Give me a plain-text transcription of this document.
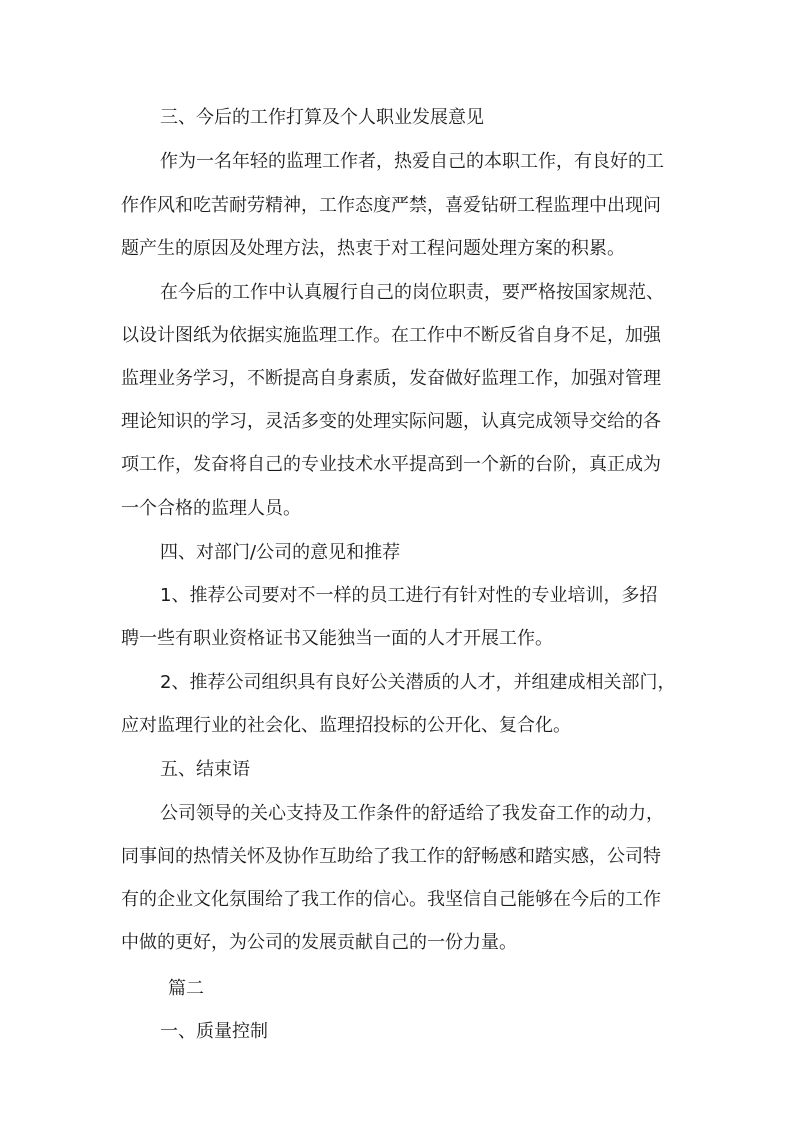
三、今后的工作打算及个人职业发展意见
作为一名年轻的监理工作者，热爱自己的本职工作，有良好的工
作作风和吃苦耐劳精神，工作态度严禁，喜爱钻研工程监理中出现问
题产生的原因及处理方法，热衷于对工程问题处理方案的积累。
在今后的工作中认真履行自己的岗位职责，要严格按国家规范、
以设计图纸为依据实施监理工作。在工作中不断反省自身不足，加强
监理业务学习，不断提高自身素质，发奋做好监理工作，加强对管理
理论知识的学习，灵活多变的处理实际问题，认真完成领导交给的各
项工作，发奋将自己的专业技术水平提高到一个新的台阶，真正成为
一个合格的监理人员。
四、对部门/公司的意见和推荐
1、推荐公司要对不一样的员工进行有针对性的专业培训，多招
聘一些有职业资格证书又能独当一面的人才开展工作。
2、推荐公司组织具有良好公关潜质的人才，并组建成相关部门，
应对监理行业的社会化、监理招投标的公开化、复合化。
五、结束语
公司领导的关心支持及工作条件的舒适给了我发奋工作的动力，
同事间的热情关怀及协作互助给了我工作的舒畅感和踏实感，公司特
有的企业文化氛围给了我工作的信心。我坚信自己能够在今后的工作
中做的更好，为公司的发展贡献自己的一份力量。
篇二
一、质量控制
